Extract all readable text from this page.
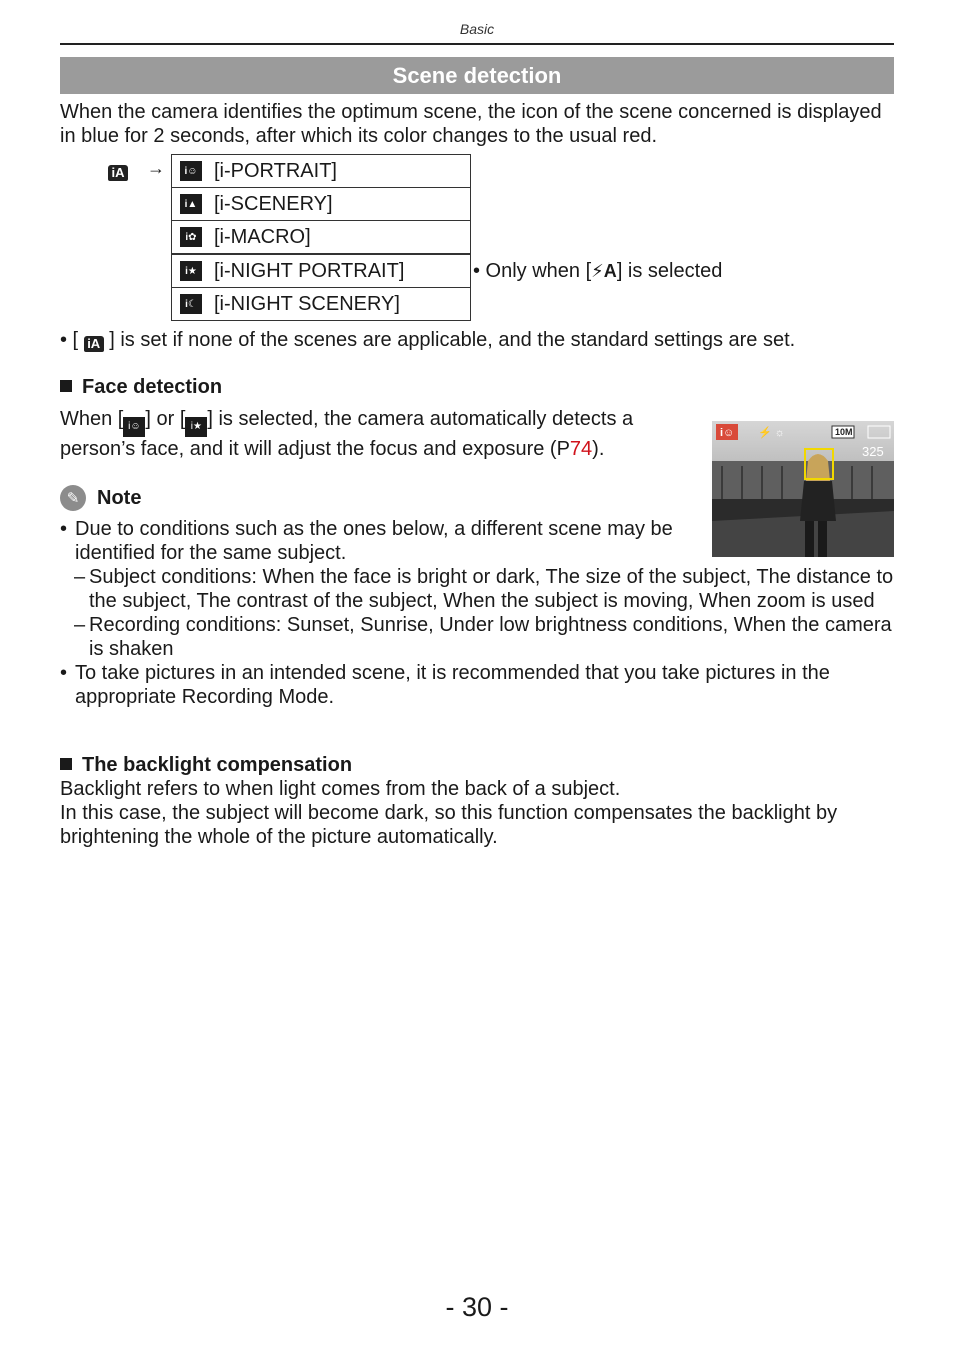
Basic
Scene detection
When the camera identifies the optimum scene, the icon of the scene concerned is displayed in blue for 2 seconds, after which its color changes to the usual red.
iA →	i☺ [i-PORTRAIT]
i▲ [i-SCENERY]
i✿ [i-MACRO]
i★ [i-NIGHT PORTRAIT]
i☾ [i-NIGHT SCENERY]
• Only when [⚡A] is selected
• [ iA ] is set if none of the scenes are applicable, and the standard settings are set.
Face detection
When [ i☺ ] or [ i★ ] is selected, the camera automatically detects a person’s face, and it will adjust the focus and exposure (P74).
i☺ ⚡ ☼	10M
325
✎ Note
• Due to conditions such as the ones below, a different scene may be identified for the same subject.
– Subject conditions: When the face is bright or dark, The size of the subject, The distance to the subject, The contrast of the subject, When the subject is moving, When zoom is used
– Recording conditions: Sunset, Sunrise, Under low brightness conditions, When the camera is shaken
• To take pictures in an intended scene, it is recommended that you take pictures in the appropriate Recording Mode.
The backlight compensation
Backlight refers to when light comes from the back of a subject.
In this case, the subject will become dark, so this function compensates the backlight by brightening the whole of the picture automatically.
- 30 -
